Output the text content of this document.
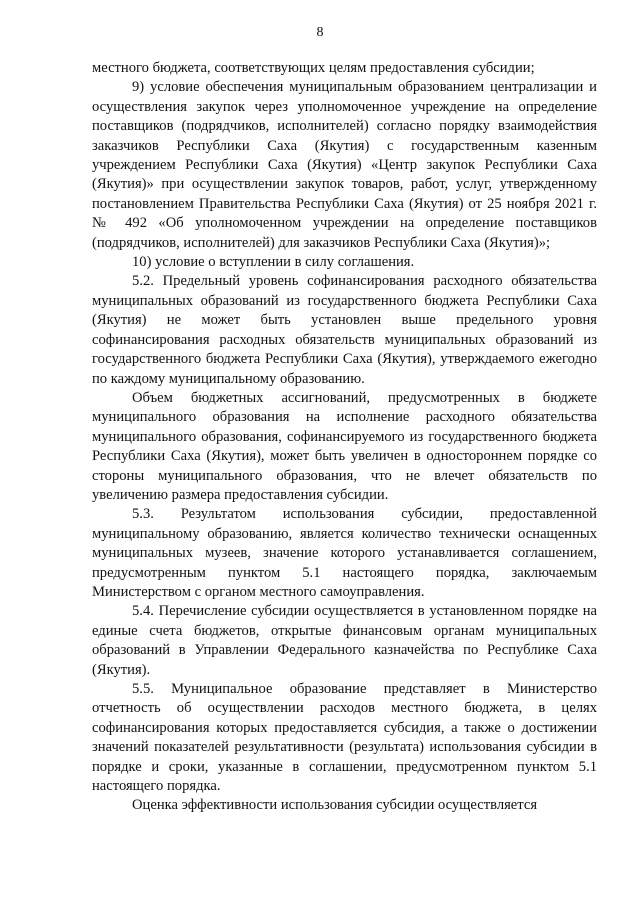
8

местного бюджета, соответствующих целям предоставления субсидии;

9) условие обеспечения муниципальным образованием централизации и осуществления закупок через уполномоченное учреждение на определение поставщиков (подрядчиков, исполнителей) согласно порядку взаимодействия заказчиков Республики Саха (Якутия) с государственным казенным учреждением Республики Саха (Якутия) «Центр закупок Республики Саха (Якутия)» при осуществлении закупок товаров, работ, услуг, утвержденному постановлением Правительства Республики Саха (Якутия) от 25 ноября 2021 г. № 492 «Об уполномоченном учреждении на определение поставщиков (подрядчиков, исполнителей) для заказчиков Республики Саха (Якутия)»;

10) условие о вступлении в силу соглашения.

5.2. Предельный уровень софинансирования расходного обязательства муниципальных образований из государственного бюджета Республики Саха (Якутия) не может быть установлен выше предельного уровня софинансирования расходных обязательств муниципальных образований из государственного бюджета Республики Саха (Якутия), утверждаемого ежегодно по каждому муниципальному образованию.

Объем бюджетных ассигнований, предусмотренных в бюджете муниципального образования на исполнение расходного обязательства муниципального образования, софинансируемого из государственного бюджета Республики Саха (Якутия), может быть увеличен в одностороннем порядке со стороны муниципального образования, что не влечет обязательств по увеличению размера предоставления субсидии.

5.3. Результатом использования субсидии, предоставленной муниципальному образованию, является количество технически оснащенных муниципальных музеев, значение которого устанавливается соглашением, предусмотренным пунктом 5.1 настоящего порядка, заключаемым Министерством с органом местного самоуправления.

5.4. Перечисление субсидии осуществляется в установленном порядке на единые счета бюджетов, открытые финансовым органам муниципальных образований в Управлении Федерального казначейства по Республике Саха (Якутия).

5.5. Муниципальное образование представляет в Министерство отчетность об осуществлении расходов местного бюджета, в целях софинансирования которых предоставляется субсидия, а также о достижении значений показателей результативности (результата) использования субсидии в порядке и сроки, указанные в соглашении, предусмотренном пунктом 5.1 настоящего порядка.

Оценка эффективности использования субсидии осуществляется
